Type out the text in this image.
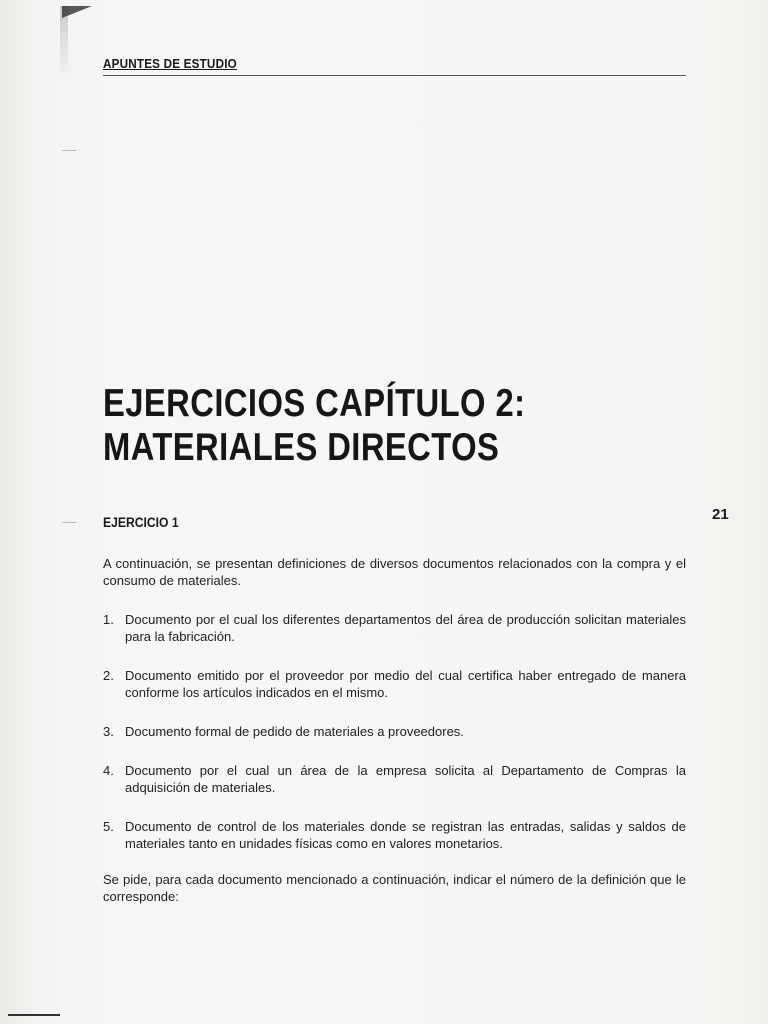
APUNTES DE ESTUDIO
EJERCICIOS CAPÍTULO 2:
MATERIALES DIRECTOS
21
EJERCICIO 1

A continuación, se presentan definiciones de diversos documentos relacionados con la compra y el consumo de materiales.

1. Documento por el cual los diferentes departamentos del área de producción solicitan materiales para la fabricación.
2. Documento emitido por el proveedor por medio del cual certifica haber entregado de manera conforme los artículos indicados en el mismo.
3. Documento formal de pedido de materiales a proveedores.
4. Documento por el cual un área de la empresa solicita al Departamento de Compras la adquisición de materiales.
5. Documento de control de los materiales donde se registran las entradas, salidas y saldos de materiales tanto en unidades físicas como en valores monetarios.

Se pide, para cada documento mencionado a continuación, indicar el número de la definición que le corresponde:
